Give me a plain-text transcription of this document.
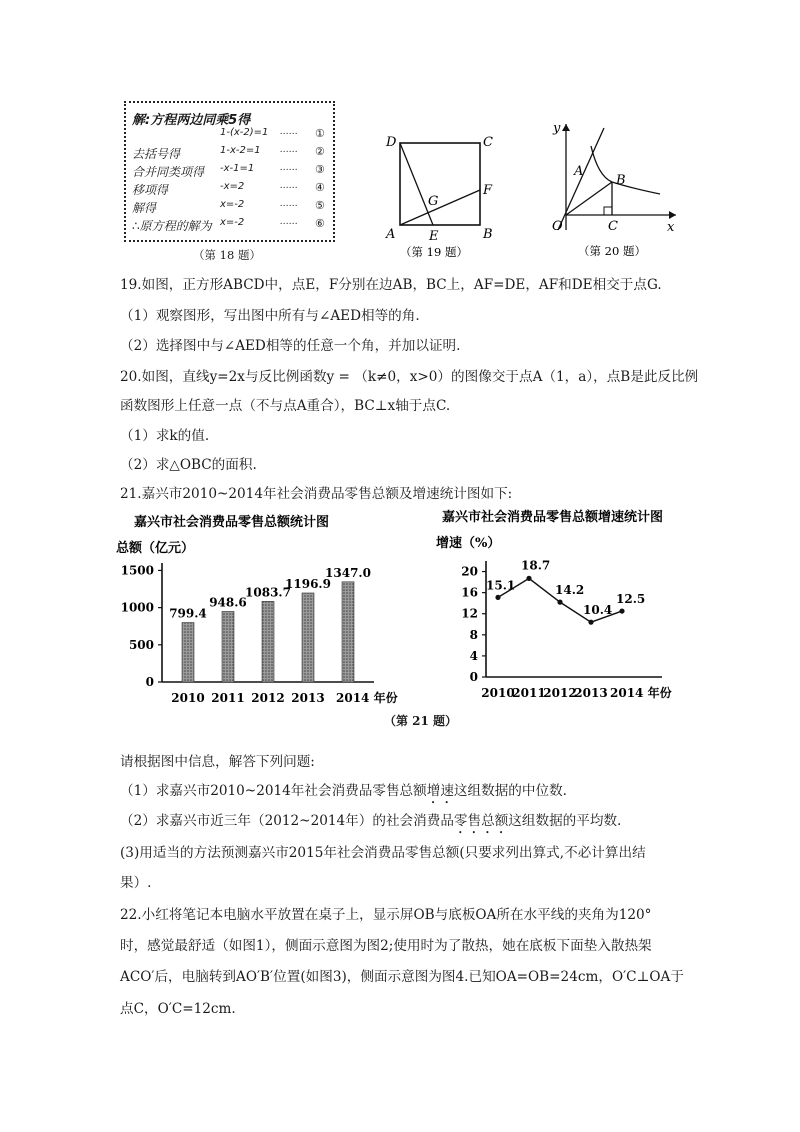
解:方程两边同乘5得
1-(x-2)=1 …… ①
去括号得	1-x-2=1 …… ②
合并同类项得 -x-1=1	…… ③
移项得	-x=2	…… ④
解得	x=-2	…… ⑤
∴原方程的解为 x=-2	…… ⑥
（第 18 题）
D	C
A	B
E
F
G
（第 19 题）
y
x
O
A
B
C
（第 20 题）
19.如图，正方形ABCD中，点E，F分别在边AB，BC上，AF=DE，AF和DE相交于点G.
（1）观察图形，写出图中所有与∠AED相等的角.
（2）选择图中与∠AED相等的任意一个角，并加以证明.
20.如图，直线y=2x与反比例函数y = （k≠0，x>0）的图像交于点A（1，a），点B是此反比例
函数图形上任意一点（不与点A重合），BC⊥x轴于点C.
（1）求k的值.
（2）求△OBC的面积.
21.嘉兴市2010~2014年社会消费品零售总额及增速统计图如下:
嘉兴市社会消费品零售总额统计图
总额（亿元）
0
500
1000
1500
799.4
2010
948.6
2011
1083.7
2012
1196.9
2013
1347.0
2014 年份
嘉兴市社会消费品零售总额增速统计图
增速（%）
0
4
8
12
16
20
15.1
2010
18.7
2011
14.2
2012
10.4
2013
12.5
2014 年份
（第 21 题）
请根据图中信息，解答下列问题:
（1）求嘉兴市2010~2014年社会消费品零售总额增速这组数据的中位数.
（2）求嘉兴市近三年（2012~2014年）的社会消费品零售总额这组数据的平均数.
(3)用适当的方法预测嘉兴市2015年社会消费品零售总额(只要求列出算式,不必计算出结
果）.
22.小红将笔记本电脑水平放置在桌子上，显示屏OB与底板OA所在水平线的夹角为120°
时，感觉最舒适（如图1），侧面示意图为图2;使用时为了散热，她在底板下面垫入散热架
ACO′后，电脑转到AO′B′位置(如图3)，侧面示意图为图4.已知OA=OB=24cm，O′C⊥OA于
点C，O′C=12cm.
